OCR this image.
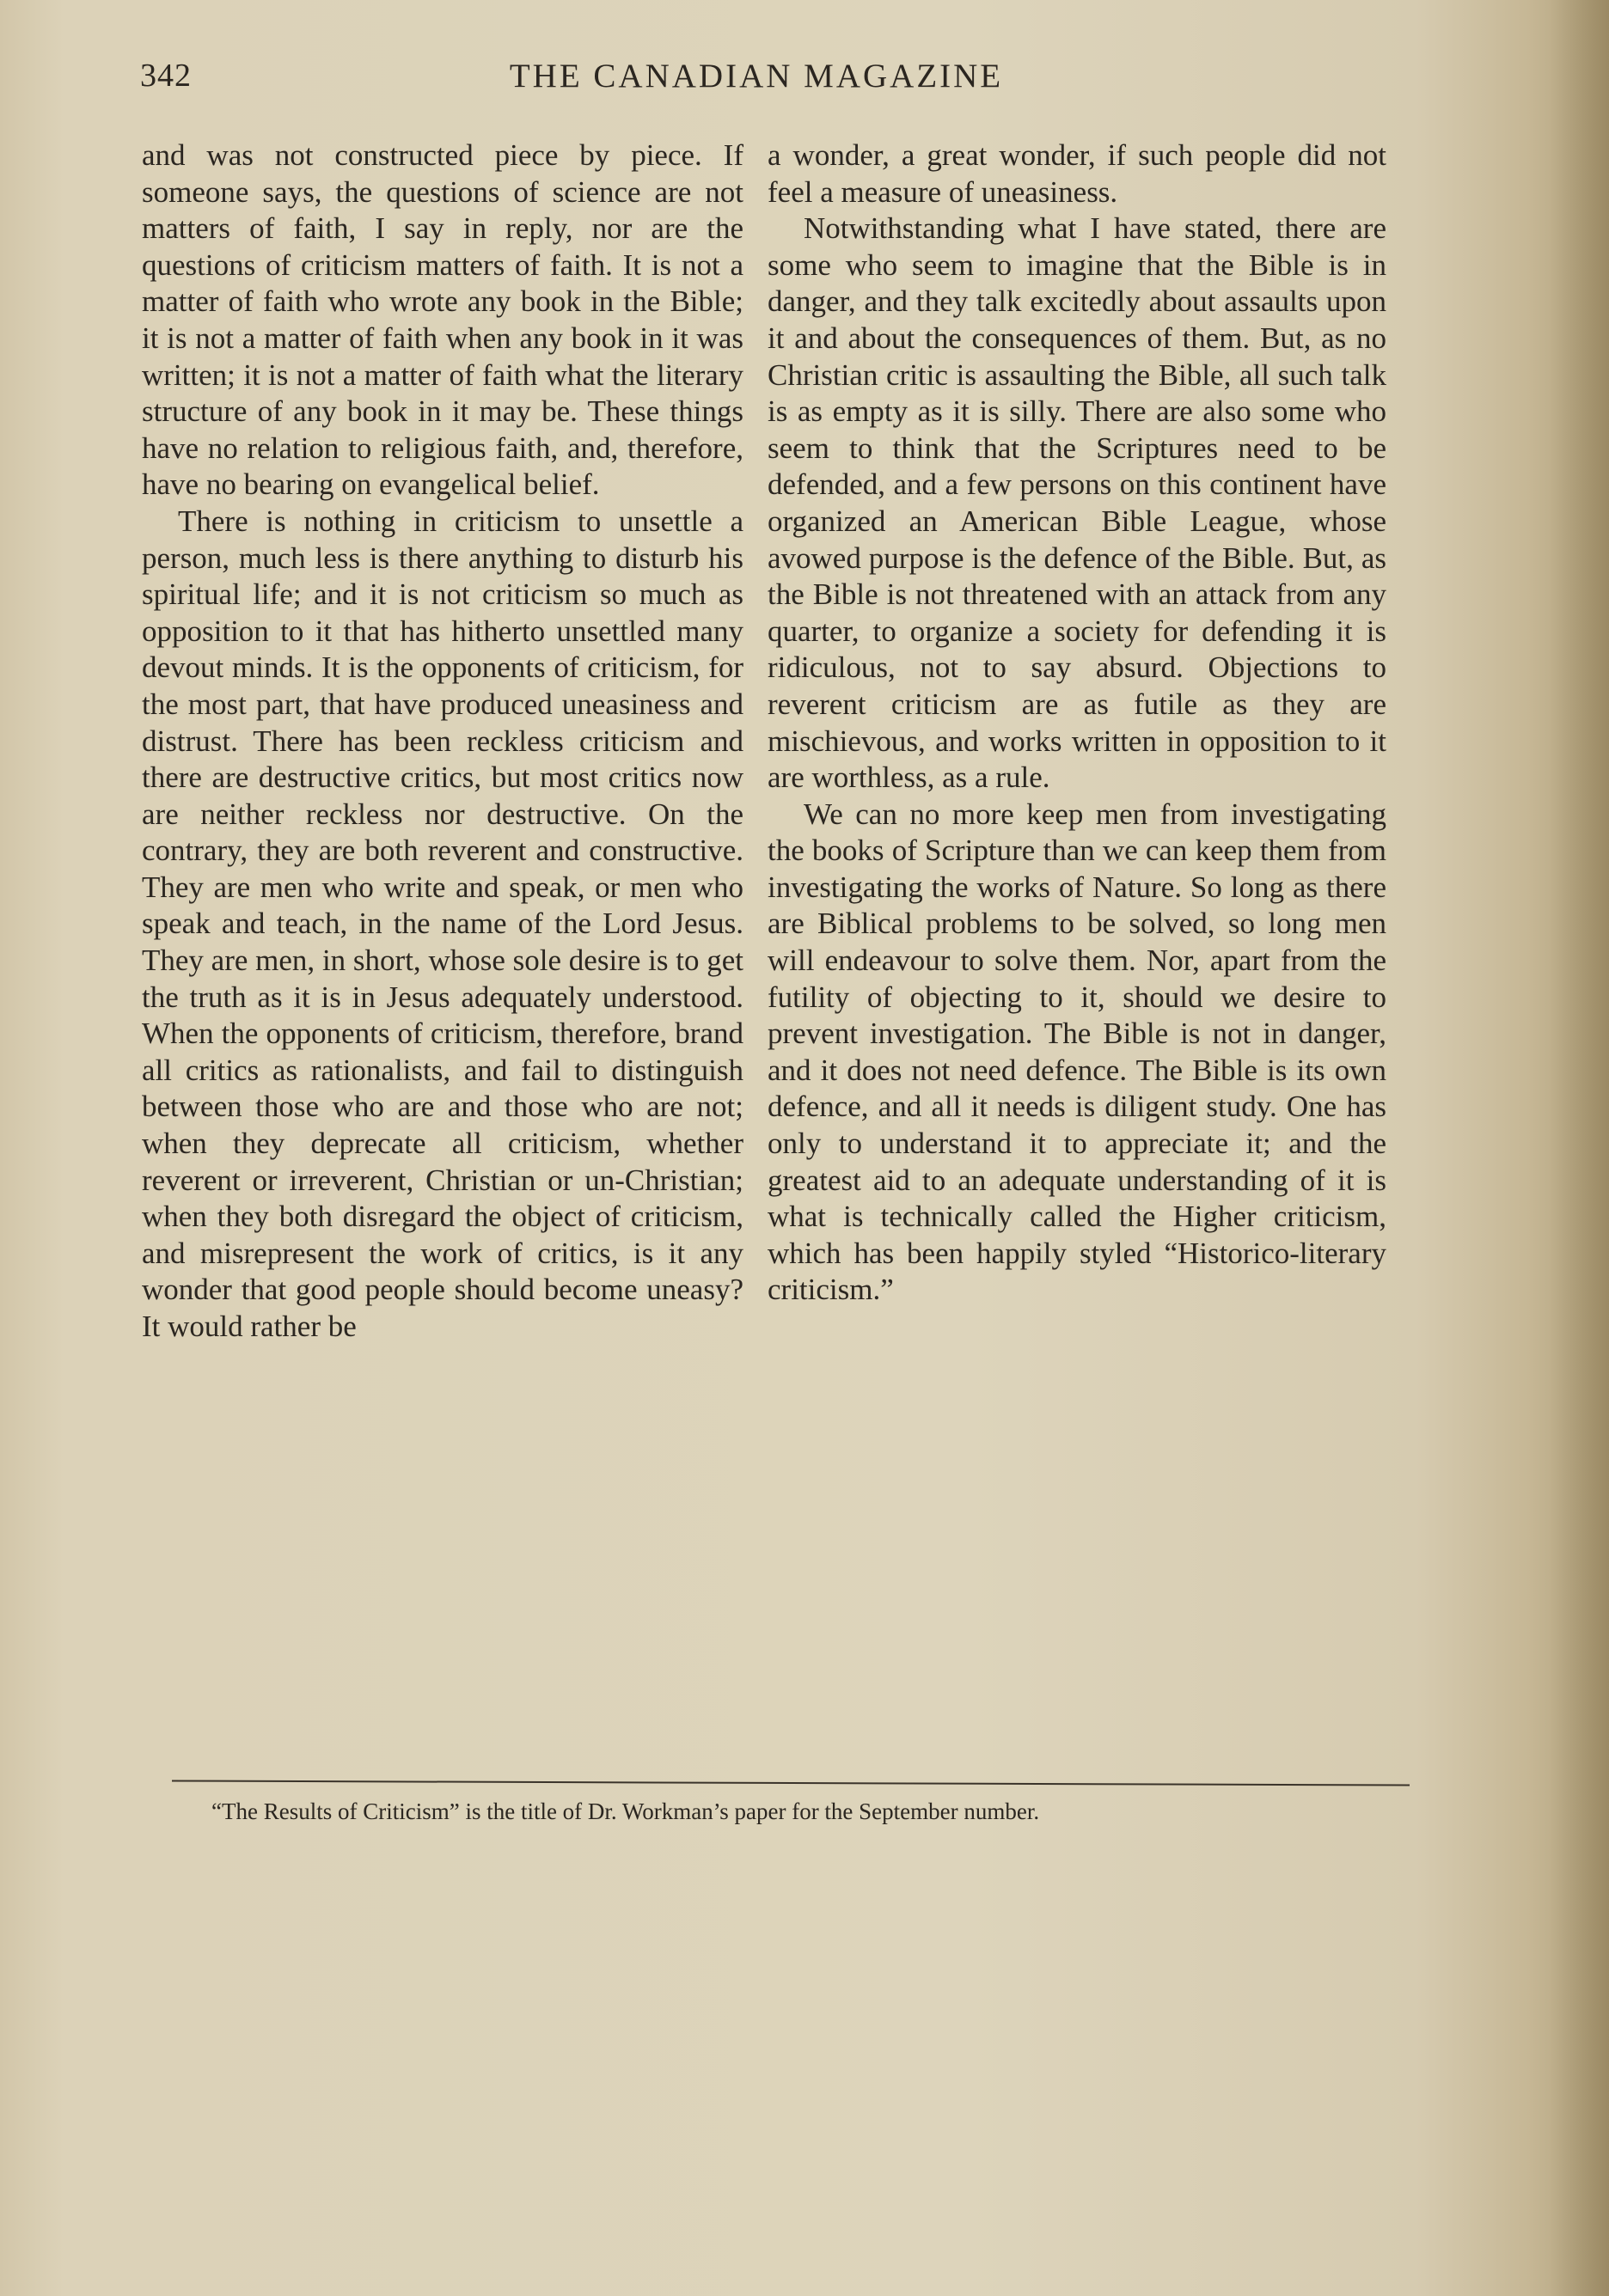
342	THE CANADIAN MAGAZINE

and was not constructed piece by piece. If someone says, the questions of science are not matters of faith, I say in reply, nor are the questions of criticism matters of faith. It is not a matter of faith who wrote any book in the Bible; it is not a matter of faith when any book in it was written; it is not a matter of faith what the literary structure of any book in it may be. These things have no relation to religious faith, and, therefore, have no bearing on evangelical belief.

There is nothing in criticism to unsettle a person, much less is there anything to disturb his spiritual life; and it is not criticism so much as opposition to it that has hitherto unsettled many devout minds. It is the opponents of criticism, for the most part, that have produced uneasiness and distrust. There has been reckless criticism and there are destructive critics, but most critics now are neither reckless nor destructive. On the contrary, they are both reverent and constructive. They are men who write and speak, or men who speak and teach, in the name of the Lord Jesus. They are men, in short, whose sole desire is to get the truth as it is in Jesus adequately understood. When the opponents of criticism, therefore, brand all critics as rationalists, and fail to distinguish between those who are and those who are not; when they deprecate all criticism, whether reverent or irreverent, Christian or un-Christian; when they both disregard the object of criticism, and misrepresent the work of critics, is it any wonder that good people should become uneasy? It would rather be

a wonder, a great wonder, if such people did not feel a measure of uneasiness.

Notwithstanding what I have stated, there are some who seem to imagine that the Bible is in danger, and they talk excitedly about assaults upon it and about the consequences of them. But, as no Christian critic is assaulting the Bible, all such talk is as empty as it is silly. There are also some who seem to think that the Scriptures need to be defended, and a few persons on this continent have organized an American Bible League, whose avowed purpose is the defence of the Bible. But, as the Bible is not threatened with an attack from any quarter, to organize a society for defending it is ridiculous, not to say absurd. Objections to reverent criticism are as futile as they are mischievous, and works written in opposition to it are worthless, as a rule.

We can no more keep men from investigating the books of Scripture than we can keep them from investigating the works of Nature. So long as there are Biblical problems to be solved, so long men will endeavour to solve them. Nor, apart from the futility of objecting to it, should we desire to prevent investigation. The Bible is not in danger, and it does not need defence. The Bible is its own defence, and all it needs is diligent study. One has only to understand it to appreciate it; and the greatest aid to an adequate understanding of it is what is technically called the Higher criticism, which has been happily styled “Historico-literary criticism.”

“The Results of Criticism” is the title of Dr. Workman’s paper for the September number.
